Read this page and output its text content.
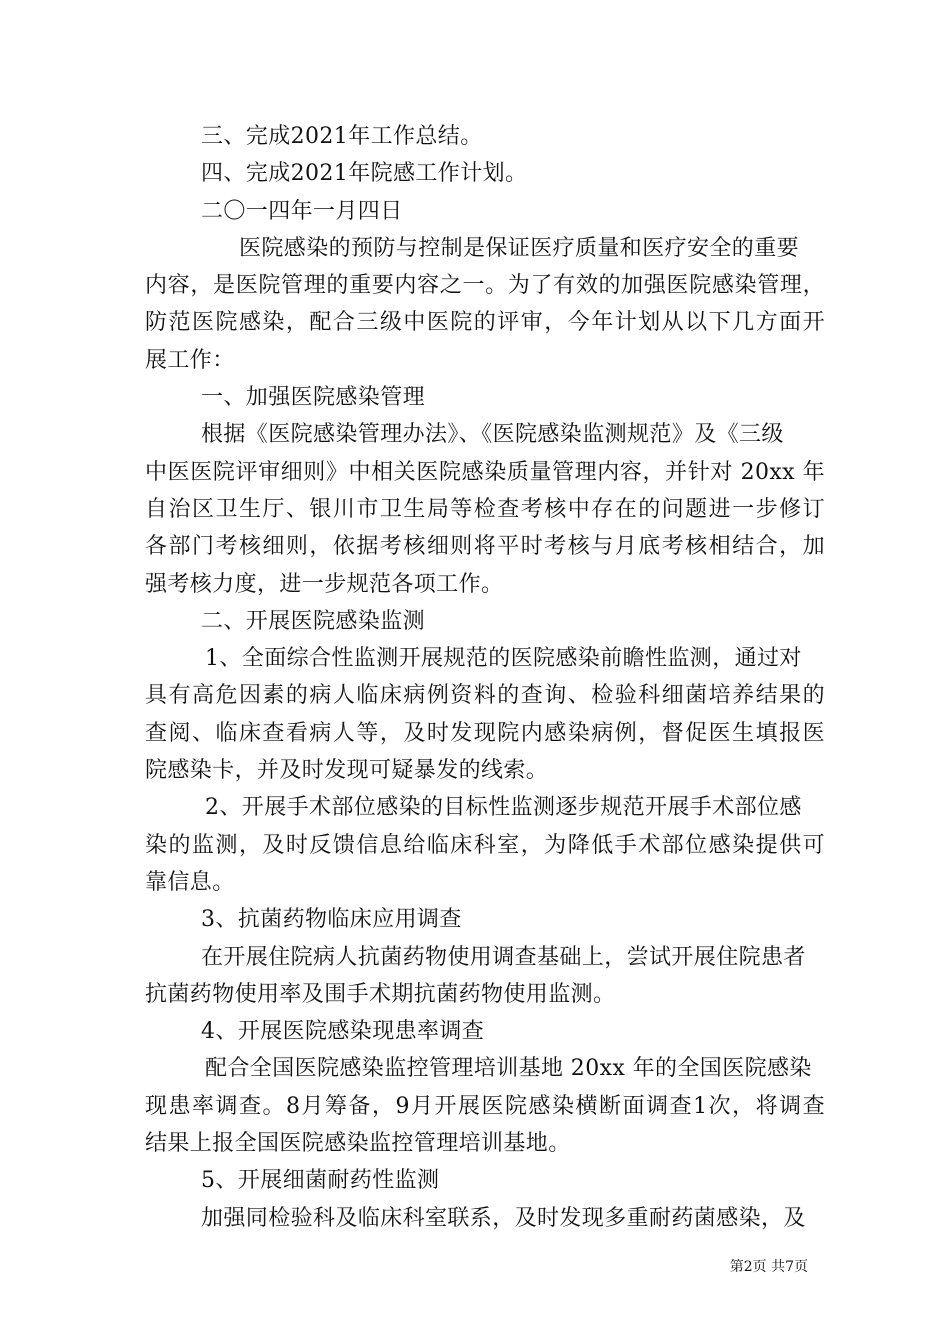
三、完成2021年工作总结。
四、完成2021年院感工作计划。
二〇一四年一月四日
医院感染的预防与控制是保证医疗质量和医疗安全的重要
内容，是医院管理的重要内容之一。为了有效的加强医院感染管理，
防范医院感染，配合三级中医院的评审，今年计划从以下几方面开
展工作：
一、加强医院感染管理
根据《医院感染管理办法》、《医院感染监测规范》及《三级
中医医院评审细则》中相关医院感染质量管理内容，并针对 20xx 年
自治区卫生厅、银川市卫生局等检查考核中存在的问题进一步修订
各部门考核细则，依据考核细则将平时考核与月底考核相结合，加
强考核力度，进一步规范各项工作。
二、开展医院感染监测
1、全面综合性监测开展规范的医院感染前瞻性监测，通过对
具有高危因素的病人临床病例资料的查询、检验科细菌培养结果的
查阅、临床查看病人等，及时发现院内感染病例，督促医生填报医
院感染卡，并及时发现可疑暴发的线索。
2、开展手术部位感染的目标性监测逐步规范开展手术部位感
染的监测，及时反馈信息给临床科室，为降低手术部位感染提供可
靠信息。
3、抗菌药物临床应用调查
在开展住院病人抗菌药物使用调查基础上，尝试开展住院患者
抗菌药物使用率及围手术期抗菌药物使用监测。
4、开展医院感染现患率调查
配合全国医院感染监控管理培训基地 20xx 年的全国医院感染
现患率调查。8月筹备，9月开展医院感染横断面调查1次，将调查
结果上报全国医院感染监控管理培训基地。
5、开展细菌耐药性监测
加强同检验科及临床科室联系，及时发现多重耐药菌感染，及
第2页 共7页
